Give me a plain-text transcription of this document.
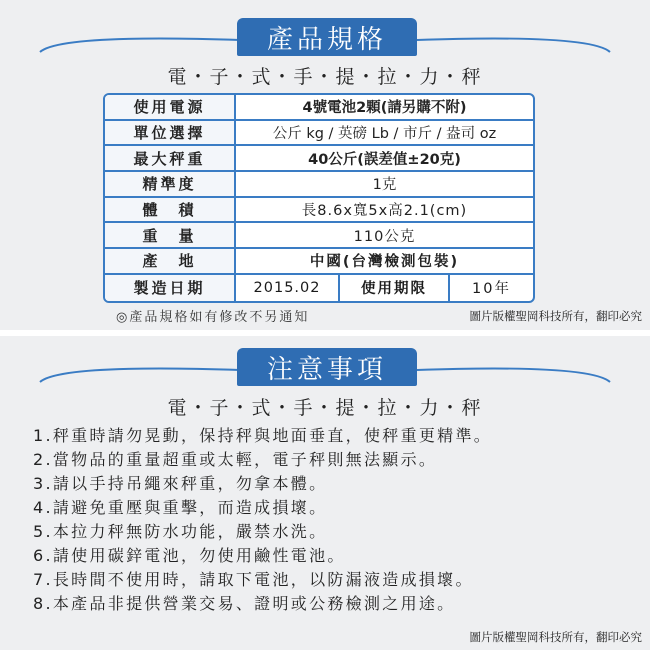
產品規格
電・子・式・手・提・拉・力・秤
使用電源	4號電池2顆(請另購不附)
單位選擇	公斤 kg / 英磅 Lb / 市斤 / 盎司 oz
最大秤重	40公斤(誤差值±20克)
精準度	1克
體　積	長8.6x寬5x高2.1(cm)
重　量	110公克
產　地	中國(台灣檢測包裝)
製造日期	2015.02	使用期限	10年
◎產品規格如有修改不另通知	圖片版權聖岡科技所有，翻印必究
注意事項
電・子・式・手・提・拉・力・秤
1.秤重時請勿晃動，保持秤與地面垂直，使秤重更精準。
2.當物品的重量超重或太輕，電子秤則無法顯示。
3.請以手持吊繩來秤重，勿拿本體。
4.請避免重壓與重擊，而造成損壞。
5.本拉力秤無防水功能，嚴禁水洗。
6.請使用碳鋅電池，勿使用鹼性電池。
7.長時間不使用時，請取下電池，以防漏液造成損壞。
8.本產品非提供營業交易、證明或公務檢測之用途。
圖片版權聖岡科技所有，翻印必究
